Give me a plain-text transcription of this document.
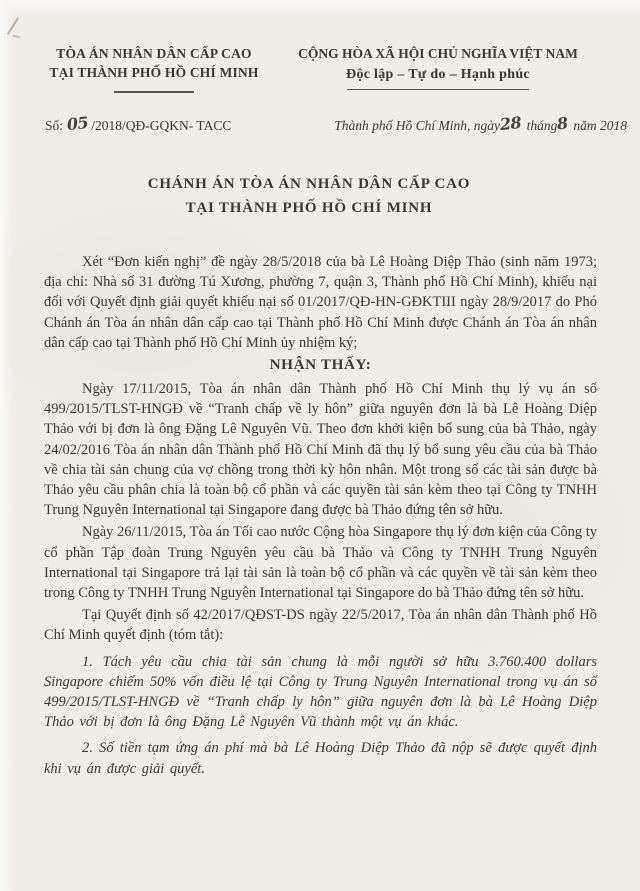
TÒA ÁN NHÂN DÂN CẤP CAO
TẠI THÀNH PHỐ HỒ CHÍ MINH
CỘNG HÒA XÃ HỘI CHỦ NGHĨA VIỆT NAM
Độc lập – Tự do – Hạnh phúc
Số: 05 /2018/QĐ-GQKN- TACC	Thành phố Hồ Chí Minh, ngày28 tháng8 năm 2018
CHÁNH ÁN TÒA ÁN NHÂN DÂN CẤP CAO
TẠI THÀNH PHỐ HỒ CHÍ MINH

Xét “Đơn kiến nghị” đề ngày 28/5/2018 của bà Lê Hoàng Diệp Thảo (sinh năm 1973; địa chỉ: Nhà số 31 đường Tú Xương, phường 7, quận 3, Thành phố Hồ Chí Minh), khiếu nại đối với Quyết định giải quyết khiếu nại số 01/2017/QĐ-HN-GĐKTIII ngày 28/9/2017 do Phó Chánh án Tòa án nhân dân cấp cao tại Thành phố Hồ Chí Minh được Chánh án Tòa án nhân dân cấp cao tại Thành phố Hồ Chí Minh ủy nhiệm ký;

NHẬN THẤY:

Ngày 17/11/2015, Tòa án nhân dân Thành phố Hồ Chí Minh thụ lý vụ án số 499/2015/TLST-HNGĐ về “Tranh chấp về ly hôn” giữa nguyên đơn là bà Lê Hoàng Diệp Thảo với bị đơn là ông Đặng Lê Nguyên Vũ. Theo đơn khởi kiện bổ sung của bà Thảo, ngày 24/02/2016 Tòa án nhân dân Thành phố Hồ Chí Minh đã thụ lý bổ sung yêu cầu của bà Thảo về chia tài sản chung của vợ chồng trong thời kỳ hôn nhân. Một trong số các tài sản được bà Thảo yêu cầu phân chia là toàn bộ cổ phần và các quyền tài sản kèm theo tại Công ty TNHH Trung Nguyên International tại Singapore đang được bà Thảo đứng tên sở hữu.

Ngày 26/11/2015, Tòa án Tối cao nước Cộng hòa Singapore thụ lý đơn kiện của Công ty cổ phần Tập đoàn Trung Nguyên yêu cầu bà Thảo và Công ty TNHH Trung Nguyên International tại Singapore trả lại tài sản là toàn bộ cổ phần và các quyền về tài sản kèm theo trong Công ty TNHH Trung Nguyên International tại Singapore do bà Thảo đứng tên sở hữu.

Tại Quyết định số 42/2017/QĐST-DS ngày 22/5/2017, Tòa án nhân dân Thành phố Hồ Chí Minh quyết định (tóm tắt):

1. Tách yêu cầu chia tài sản chung là mỗi người sở hữu 3.760.400 dollars Singapore chiếm 50% vốn điều lệ tại Công ty Trung Nguyên International trong vụ án số 499/2015/TLST-HNGĐ về “Tranh chấp ly hôn” giữa nguyên đơn là bà Lê Hoàng Diệp Thảo với bị đơn là ông Đặng Lê Nguyên Vũ thành một vụ án khác.

2. Số tiền tạm ứng án phí mà bà Lê Hoàng Diệp Thảo đã nộp sẽ được quyết định khi vụ án được giải quyết.
